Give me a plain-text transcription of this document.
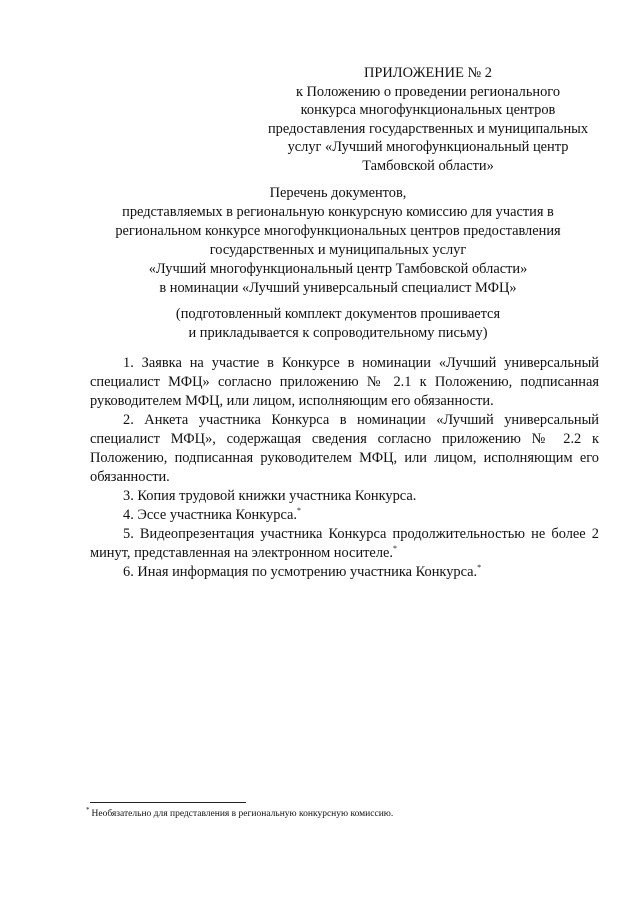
ПРИЛОЖЕНИЕ № 2
к Положению о проведении регионального
конкурса многофункциональных центров
предоставления государственных и муниципальных
услуг «Лучший многофункциональный центр
Тамбовской области»
Перечень документов,
представляемых в региональную конкурсную комиссию для участия в
региональном конкурсе многофункциональных центров предоставления
государственных и муниципальных услуг
«Лучший многофункциональный центр Тамбовской области»
в номинации «Лучший универсальный специалист МФЦ»
(подготовленный комплект документов прошивается
и прикладывается к сопроводительному письму)

1. Заявка на участие в Конкурсе в номинации «Лучший универсальный специалист МФЦ» согласно приложению № 2.1 к Положению, подписанная руководителем МФЦ, или лицом, исполняющим его обязанности.

2. Анкета участника Конкурса в номинации «Лучший универсальный специалист МФЦ», содержащая сведения согласно приложению № 2.2 к Положению, подписанная руководителем МФЦ, или лицом, исполняющим его обязанности.

3. Копия трудовой книжки участника Конкурса.

4. Эссе участника Конкурса.*

5. Видеопрезентация участника Конкурса продолжительностью не более 2 минут, представленная на электронном носителе.*

6. Иная информация по усмотрению участника Конкурса.*

* Необязательно для представления в региональную конкурсную комиссию.
